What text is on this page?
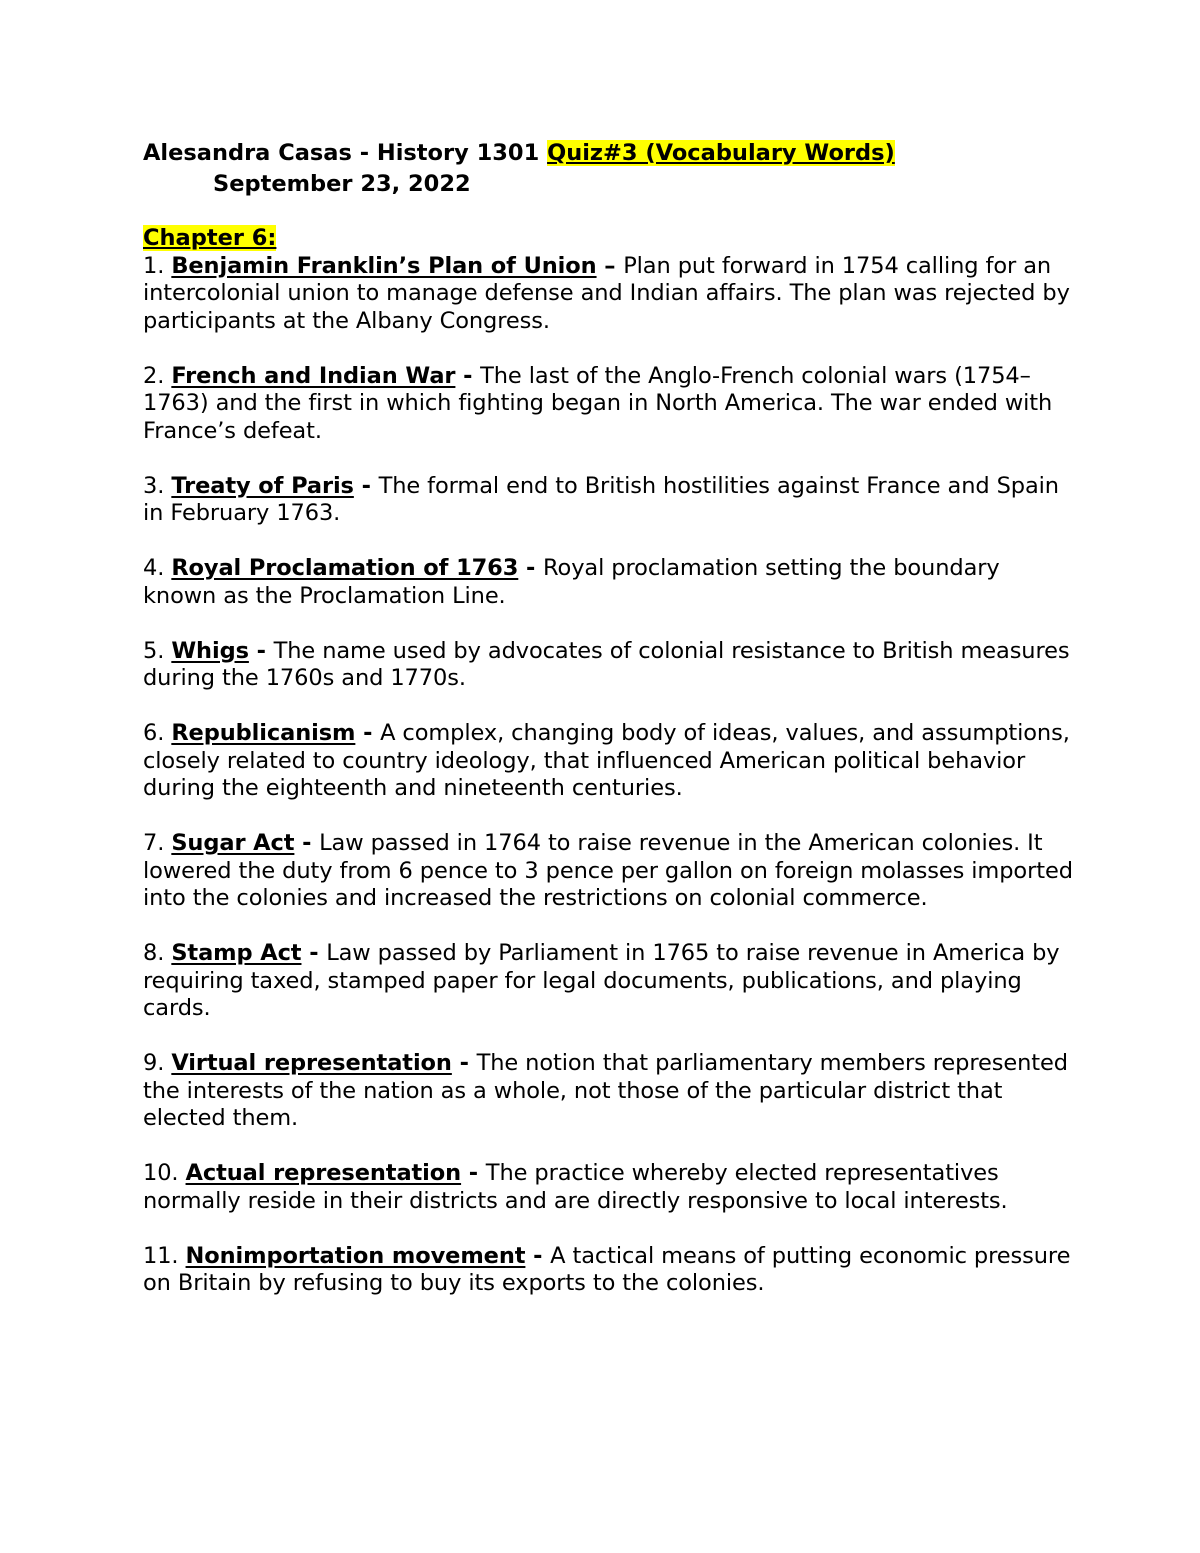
Alesandra Casas - History 1301 Quiz#3 (Vocabulary Words)
September 23, 2022
Chapter 6:

1. Benjamin Franklin’s Plan of Union – Plan put forward in 1754 calling for an intercolonial union to manage defense and Indian affairs. The plan was rejected by participants at the Albany Congress.

2. French and Indian War - The last of the Anglo-French colonial wars (1754–1763) and the first in which fighting began in North America. The war ended with France’s defeat.

3. Treaty of Paris - The formal end to British hostilities against France and Spain in February 1763.

4. Royal Proclamation of 1763 - Royal proclamation setting the boundary known as the Proclamation Line.

5. Whigs - The name used by advocates of colonial resistance to British measures during the 1760s and 1770s.

6. Republicanism - A complex, changing body of ideas, values, and assumptions, closely related to country ideology, that influenced American political behavior during the eighteenth and nineteenth centuries.

7. Sugar Act - Law passed in 1764 to raise revenue in the American colonies. It lowered the duty from 6 pence to 3 pence per gallon on foreign molasses imported into the colonies and increased the restrictions on colonial commerce.

8. Stamp Act - Law passed by Parliament in 1765 to raise revenue in America by requiring taxed, stamped paper for legal documents, publications, and playing cards.

9. Virtual representation - The notion that parliamentary members represented the interests of the nation as a whole, not those of the particular district that elected them.

10. Actual representation - The practice whereby elected representatives normally reside in their districts and are directly responsive to local interests.

11. Nonimportation movement - A tactical means of putting economic pressure on Britain by refusing to buy its exports to the colonies.
